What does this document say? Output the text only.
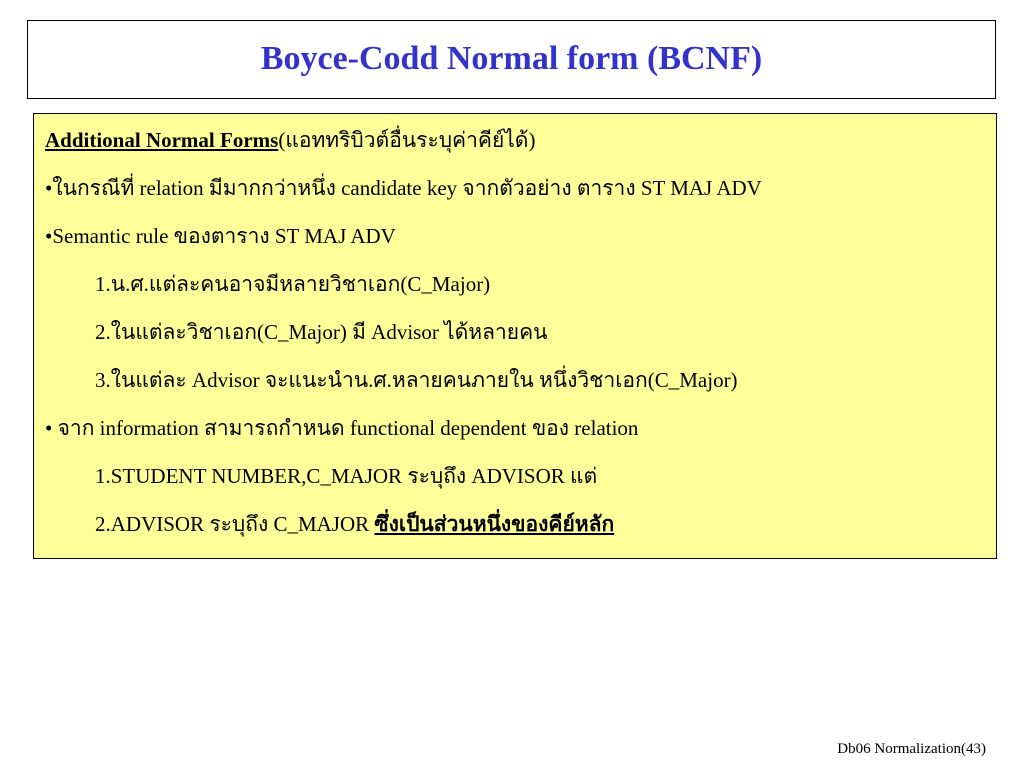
Boyce-Codd Normal form (BCNF)
Additional Normal Forms(แอททริบิวต์อื่นระบุค่าคีย์ได้)
•ในกรณีที่ relation มีมากกว่าหนึ่ง candidate key จากตัวอย่าง ตาราง ST MAJ ADV
•Semantic rule ของตาราง ST MAJ ADV
1.น.ศ.แต่ละคนอาจมีหลายวิชาเอก(C_Major)
2.ในแต่ละวิชาเอก(C_Major) มี Advisor ได้หลายคน
3.ในแต่ละ Advisor จะแนะนำน.ศ.หลายคนภายใน หนึ่งวิชาเอก(C_Major)
• จาก information สามารถกำหนด functional dependent ของ relation
1.STUDENT NUMBER,C_MAJOR ระบุถึง ADVISOR แต่
2.ADVISOR ระบุถึง C_MAJOR ซึ่งเป็นส่วนหนึ่งของคีย์หลัก
Db06 Normalization(43)
